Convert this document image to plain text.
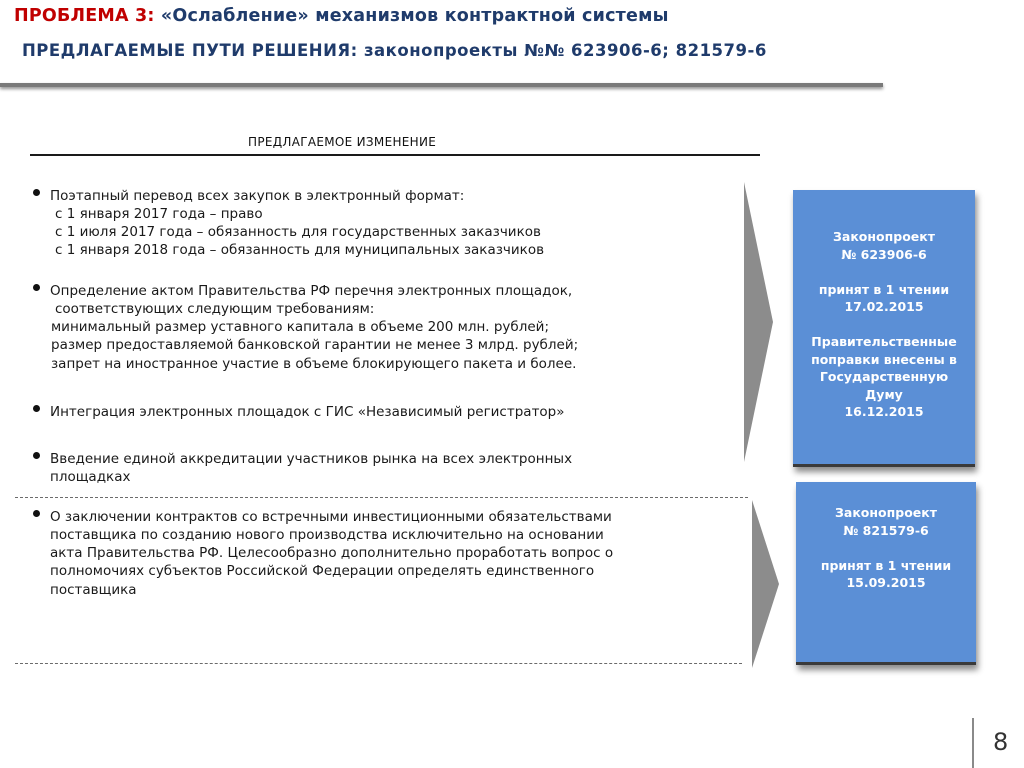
ПРОБЛЕМА 3: «Ослабление» механизмов контрактной системы
ПРЕДЛАГАЕМЫЕ ПУТИ РЕШЕНИЯ: законопроекты №№ 623906-6; 821579-6
ПРЕДЛАГАЕМОЕ ИЗМЕНЕНИЕ
Поэтапный перевод всех закупок в электронный формат:
с 1 января 2017 года – право
с 1 июля 2017 года – обязанность для государственных заказчиков
с 1 января 2018 года – обязанность для муниципальных заказчиков
Определение актом Правительства РФ перечня электронных площадок,
соответствующих следующим требованиям:
минимальный размер уставного капитала в объеме 200 млн. рублей;
размер предоставляемой банковской гарантии не менее 3 млрд. рублей;
запрет на иностранное участие в объеме блокирующего пакета и более.
Интеграция электронных площадок с ГИС «Независимый регистратор»
Введение единой аккредитации участников рынка на всех электронных
площадках
О заключении контрактов со встречными инвестиционными обязательствами
поставщика по созданию нового производства исключительно на основании
акта Правительства РФ. Целесообразно дополнительно проработать вопрос о
полномочиях субъектов Российской Федерации определять единственного
поставщика
Законопроект
№ 623906-6
принят в 1 чтении
17.02.2015
Правительственные
поправки внесены в
Государственную
Думу
16.12.2015
Законопроект
№ 821579-6
принят в 1 чтении
15.09.2015
8
